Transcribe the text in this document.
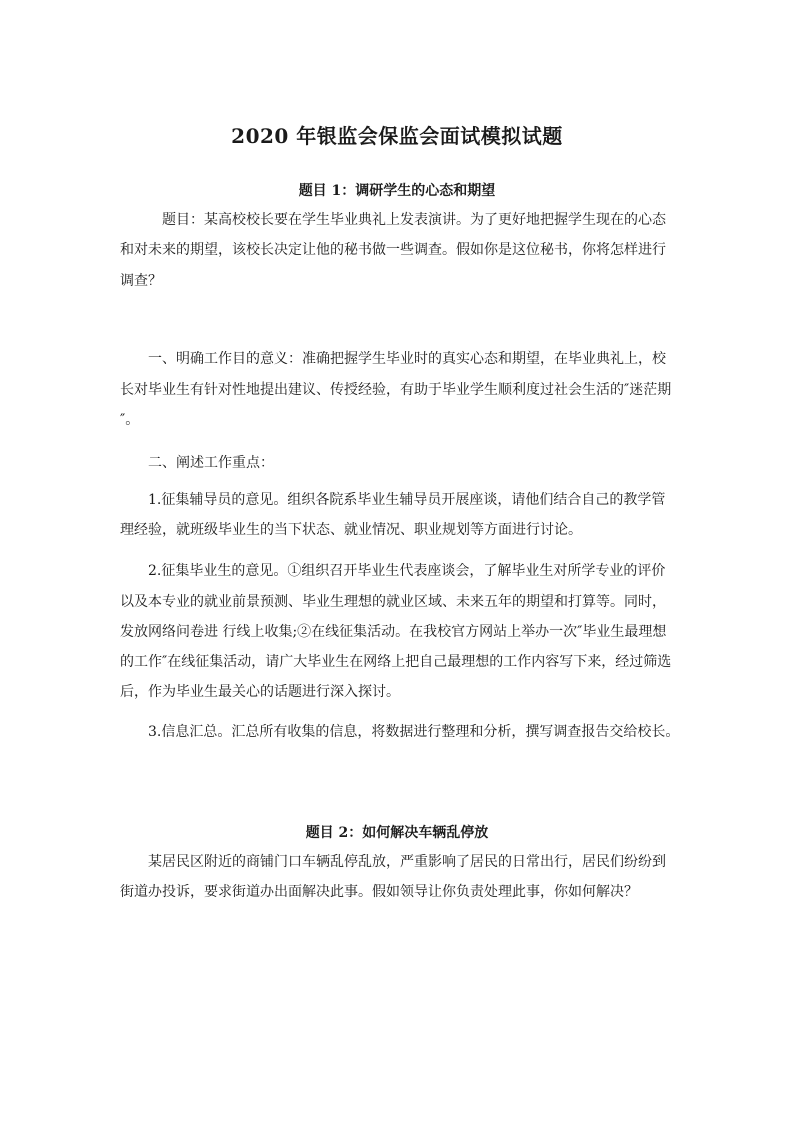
2020 年银监会保监会面试模拟试题
题目 1：调研学生的心态和期望
题目：某高校校长要在学生毕业典礼上发表演讲。为了更好地把握学生现在的心态
和对未来的期望，该校长决定让他的秘书做一些调查。假如你是这位秘书，你将怎样进行
调查？
一、明确工作目的意义：准确把握学生毕业时的真实心态和期望，在毕业典礼上，校
长对毕业生有针对性地提出建议、传授经验，有助于毕业学生顺利度过社会生活的″迷茫期
″。
二、阐述工作重点：
1.征集辅导员的意见。组织各院系毕业生辅导员开展座谈，请他们结合自己的教学管
理经验，就班级毕业生的当下状态、就业情况、职业规划等方面进行讨论。
2.征集毕业生的意见。①组织召开毕业生代表座谈会，了解毕业生对所学专业的评价
以及本专业的就业前景预测、毕业生理想的就业区域、未来五年的期望和打算等。同时，
发放网络问卷进 行线上收集;②在线征集活动。在我校官方网站上举办一次″毕业生最理想
的工作″在线征集活动，请广大毕业生在网络上把自己最理想的工作内容写下来，经过筛选
后，作为毕业生最关心的话题进行深入探讨。
3.信息汇总。汇总所有收集的信息，将数据进行整理和分析，撰写调查报告交给校长。
题目 2：如何解决车辆乱停放
某居民区附近的商铺门口车辆乱停乱放，严重影响了居民的日常出行，居民们纷纷到
街道办投诉，要求街道办出面解决此事。假如领导让你负责处理此事，你如何解决？
